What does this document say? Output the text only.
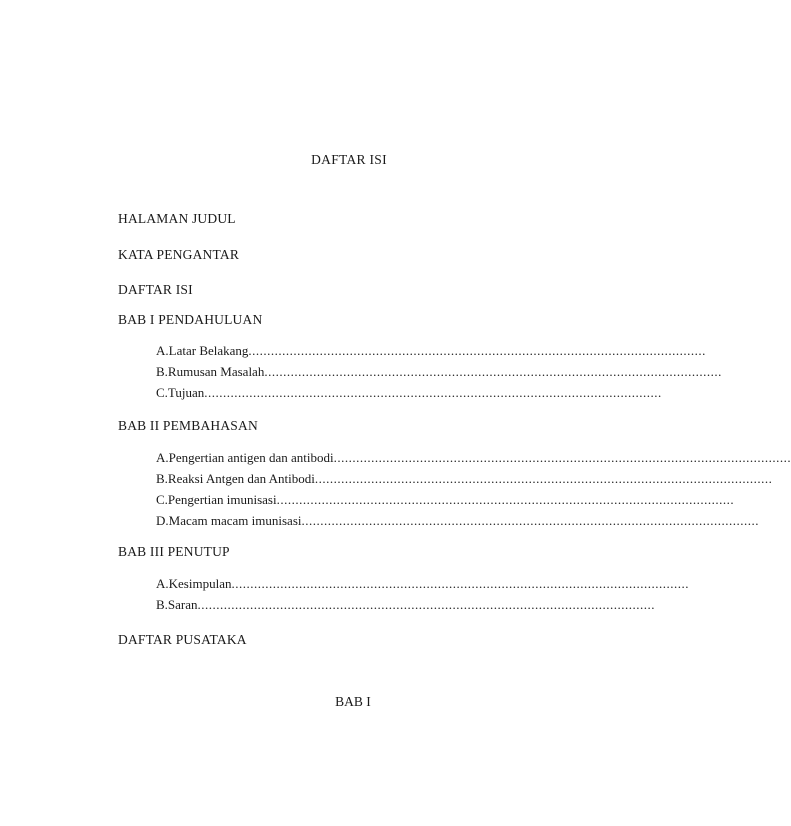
DAFTAR ISI
HALAMAN JUDUL
KATA PENGANTAR
DAFTAR ISI
BAB I PENDAHULUAN
A. Latar Belakang ..........................................................................................................................
B. Rumusan Masalah ..........................................................................................................................
C. Tujuan ..........................................................................................................................
BAB II PEMBAHASAN
A. Pengertian antigen dan antibodi ..........................................................................................................................
B. Reaksi Antgen dan Antibodi ..........................................................................................................................
C. Pengertian imunisasi ..........................................................................................................................
D. Macam macam imunisasi ..........................................................................................................................
BAB III PENUTUP
A. Kesimpulan ..........................................................................................................................
B. Saran ..........................................................................................................................
DAFTAR PUSATAKA
BAB I
